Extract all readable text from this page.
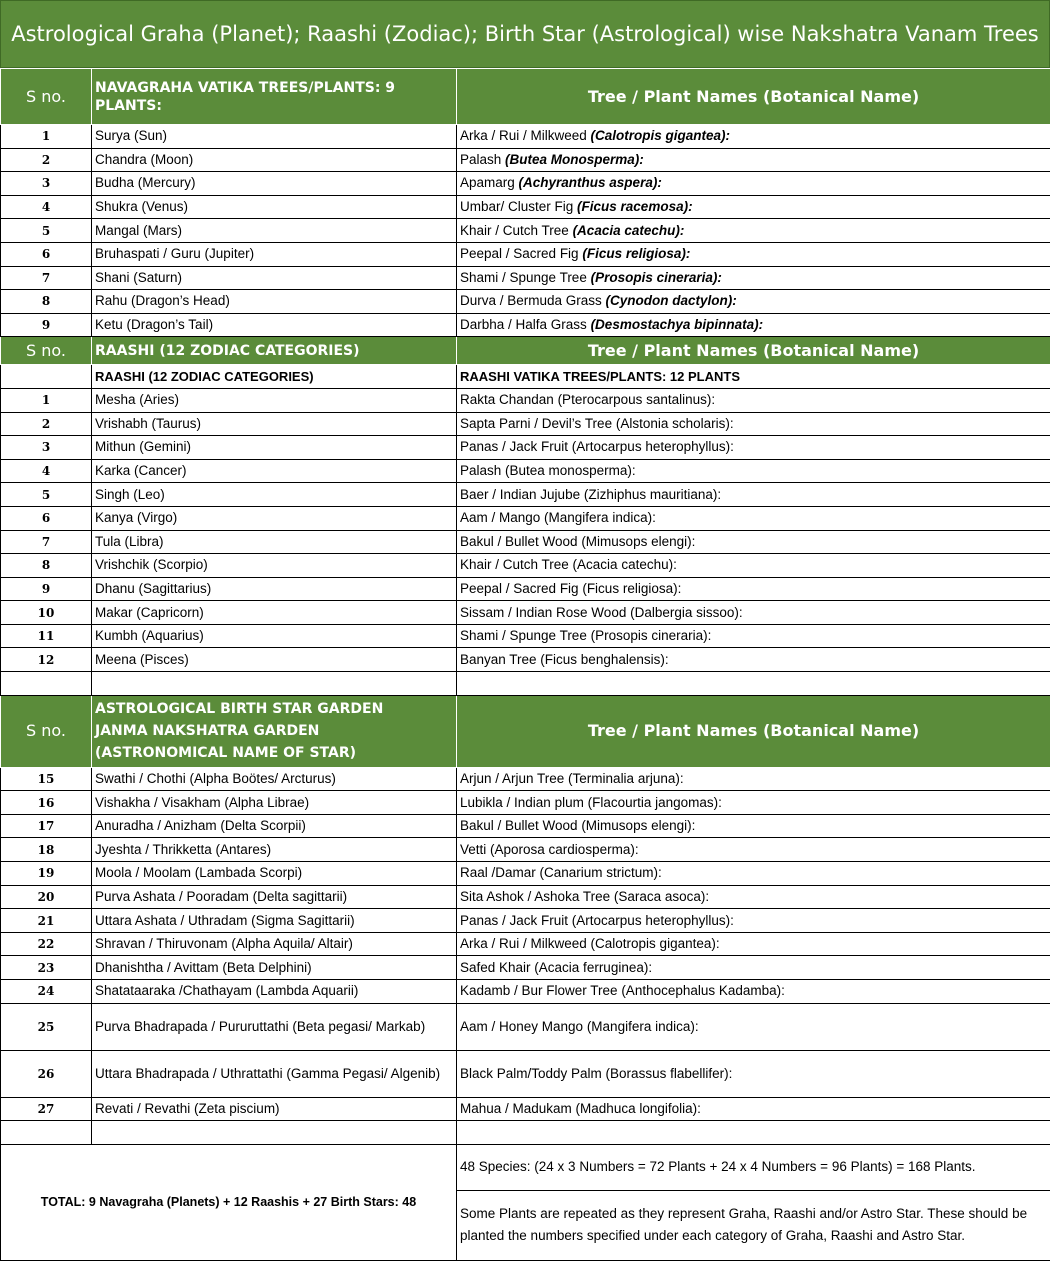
Astrological Graha (Planet); Raashi (Zodiac); Birth Star (Astrological) wise Nakshatra Vanam Trees
S no.	NAVAGRAHA VATIKA TREES/PLANTS: 9 PLANTS:	Tree / Plant Names (Botanical Name)
1	Surya (Sun)	Arka / Rui / Milkweed (Calotropis gigantea):
2	Chandra (Moon)	Palash (Butea Monosperma):
3	Budha (Mercury)	Apamarg (Achyranthus aspera):
4	Shukra (Venus)	Umbar/ Cluster Fig (Ficus racemosa):
5	Mangal (Mars)	Khair / Cutch Tree (Acacia catechu):
6	Bruhaspati / Guru (Jupiter)	Peepal / Sacred Fig (Ficus religiosa):
7	Shani (Saturn)	Shami / Spunge Tree (Prosopis cineraria):
8	Rahu (Dragon’s Head)	Durva / Bermuda Grass (Cynodon dactylon):
9	Ketu (Dragon’s Tail)	Darbha / Halfa Grass (Desmostachya bipinnata):
S no.	RAASHI (12 ZODIAC CATEGORIES)	Tree / Plant Names (Botanical Name)
	RAASHI (12 ZODIAC CATEGORIES)	RAASHI VATIKA TREES/PLANTS: 12 PLANTS
1	Mesha (Aries)	Rakta Chandan (Pterocarpous santalinus):
2	Vrishabh (Taurus)	Sapta Parni / Devil’s Tree (Alstonia scholaris):
3	Mithun (Gemini)	Panas / Jack Fruit (Artocarpus heterophyllus):
4	Karka (Cancer)	Palash (Butea monosperma):
5	Singh (Leo)	Baer / Indian Jujube (Zizhiphus mauritiana):
6	Kanya (Virgo)	Aam / Mango (Mangifera indica):
7	Tula (Libra)	Bakul / Bullet Wood (Mimusops elengi):
8	Vrishchik (Scorpio)	Khair / Cutch Tree (Acacia catechu):
9	Dhanu (Sagittarius)	Peepal / Sacred Fig (Ficus religiosa):
10	Makar (Capricorn)	Sissam / Indian Rose Wood (Dalbergia sissoo):
11	Kumbh (Aquarius)	Shami / Spunge Tree (Prosopis cineraria):
12	Meena (Pisces)	Banyan Tree (Ficus benghalensis):

S no.	ASTROLOGICAL BIRTH STAR GARDEN
JANMA NAKSHATRA GARDEN
(ASTRONOMICAL NAME OF STAR)	Tree / Plant Names (Botanical Name)
15	Swathi / Chothi (Alpha Boötes/ Arcturus)	Arjun / Arjun Tree (Terminalia arjuna):
16	Vishakha / Visakham (Alpha Librae)	Lubikla / Indian plum (Flacourtia jangomas):
17	Anuradha / Anizham (Delta Scorpii)	Bakul / Bullet Wood (Mimusops elengi):
18	Jyeshta / Thrikketta (Antares)	Vetti (Aporosa cardiosperma):
19	Moola / Moolam (Lambada Scorpi)	Raal /Damar (Canarium strictum):
20	Purva Ashata / Pooradam (Delta sagittarii)	Sita Ashok / Ashoka Tree (Saraca asoca):
21	Uttara Ashata / Uthradam (Sigma Sagittarii)	Panas / Jack Fruit (Artocarpus heterophyllus):
22	Shravan / Thiruvonam (Alpha Aquila/ Altair)	Arka / Rui / Milkweed (Calotropis gigantea):
23	Dhanishtha / Avittam (Beta Delphini)	Safed Khair (Acacia ferruginea):
24	Shatataaraka /Chathayam (Lambda Aquarii)	Kadamb / Bur Flower Tree (Anthocephalus Kadamba):
25	Purva Bhadrapada / Pururuttathi (Beta pegasi/ Markab)	Aam / Honey Mango (Mangifera indica):
26	Uttara Bhadrapada / Uthrattathi (Gamma Pegasi/ Algenib)	Black Palm/Toddy Palm (Borassus flabellifer):
27	Revati / Revathi (Zeta piscium)	Mahua / Madukam (Madhuca longifolia):

TOTAL: 9 Navagraha (Planets) + 12 Raashis + 27 Birth Stars: 48		48 Species: (24 x 3 Numbers = 72 Plants + 24 x 4 Numbers = 96 Plants) = 168 Plants.
		Some Plants are repeated as they represent Graha, Raashi and/or Astro Star. These should be planted the numbers specified under each category of Graha, Raashi and Astro Star.
